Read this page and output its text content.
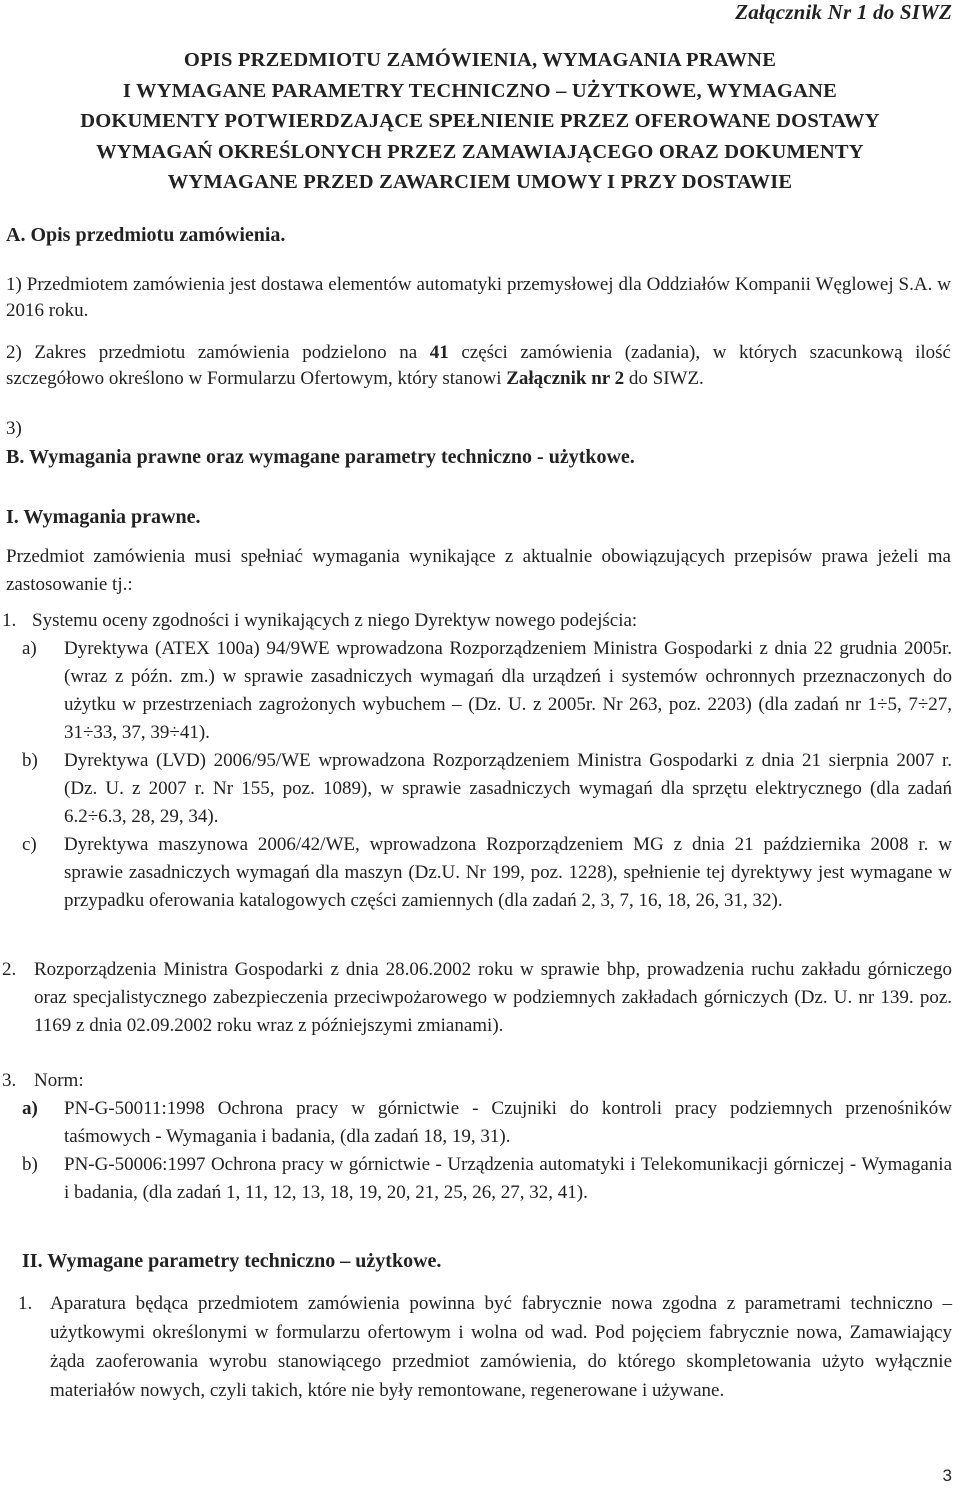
Załącznik Nr 1 do SIWZ
OPIS PRZEDMIOTU ZAMÓWIENIA, WYMAGANIA PRAWNE
I WYMAGANE PARAMETRY TECHNICZNO – UŻYTKOWE, WYMAGANE
DOKUMENTY POTWIERDZAJĄCE SPEŁNIENIE PRZEZ OFEROWANE DOSTAWY
WYMAGAŃ OKREŚLONYCH PRZEZ ZAMAWIAJĄCEGO ORAZ DOKUMENTY
WYMAGANE PRZED ZAWARCIEM UMOWY I PRZY DOSTAWIE
A. Opis przedmiotu zamówienia.
1) Przedmiotem zamówienia jest dostawa elementów automatyki przemysłowej dla Oddziałów Kompanii Węglowej S.A. w 2016 roku.
2) Zakres przedmiotu zamówienia podzielono na 41 części zamówienia (zadania), w których szacunkową ilość szczegółowo określono w Formularzu Ofertowym, który stanowi Załącznik nr 2 do SIWZ.
3)
B. Wymagania prawne oraz wymagane parametry techniczno - użytkowe.
I. Wymagania prawne.
Przedmiot zamówienia musi spełniać wymagania wynikające z aktualnie obowiązujących przepisów prawa jeżeli ma zastosowanie tj.:
1. Systemu oceny zgodności i wynikających z niego Dyrektyw nowego podejścia:
a)	Dyrektywa (ATEX 100a) 94/9WE wprowadzona Rozporządzeniem Ministra Gospodarki z dnia 22 grudnia 2005r. (wraz z późn. zm.) w sprawie zasadniczych wymagań dla urządzeń i systemów ochronnych przeznaczonych do użytku w przestrzeniach zagrożonych wybuchem – (Dz. U. z 2005r. Nr 263, poz. 2203) (dla zadań nr 1÷5, 7÷27, 31÷33, 37, 39÷41).
b)	Dyrektywa (LVD) 2006/95/WE wprowadzona Rozporządzeniem Ministra Gospodarki z dnia 21 sierpnia 2007 r. (Dz. U. z 2007 r. Nr 155, poz. 1089), w sprawie zasadniczych wymagań dla sprzętu elektrycznego (dla zadań 6.2÷6.3, 28, 29, 34).
c)	Dyrektywa maszynowa 2006/42/WE, wprowadzona Rozporządzeniem MG z dnia 21 października 2008 r. w sprawie zasadniczych wymagań dla maszyn (Dz.U. Nr 199, poz. 1228), spełnienie tej dyrektywy jest wymagane w przypadku oferowania katalogowych części zamiennych (dla zadań 2, 3, 7, 16, 18, 26, 31, 32).
2. Rozporządzenia Ministra Gospodarki z dnia 28.06.2002 roku w sprawie bhp, prowadzenia ruchu zakładu górniczego oraz specjalistycznego zabezpieczenia przeciwpożarowego w podziemnych zakładach górniczych (Dz. U. nr 139. poz. 1169 z dnia 02.09.2002 roku wraz z późniejszymi zmianami).
3. Norm:
a)	PN-G-50011:1998 Ochrona pracy w górnictwie - Czujniki do kontroli pracy podziemnych przenośników taśmowych - Wymagania i badania, (dla zadań 18, 19, 31).
b)	PN-G-50006:1997 Ochrona pracy w górnictwie - Urządzenia automatyki i Telekomunikacji górniczej - Wymagania i badania, (dla zadań 1, 11, 12, 13, 18, 19, 20, 21, 25, 26, 27, 32, 41).
II. Wymagane parametry techniczno – użytkowe.
1. Aparatura będąca przedmiotem zamówienia powinna być fabrycznie nowa zgodna z parametrami techniczno – użytkowymi określonymi w formularzu ofertowym i wolna od wad. Pod pojęciem fabrycznie nowa, Zamawiający żąda zaoferowania wyrobu stanowiącego przedmiot zamówienia, do którego skompletowania użyto wyłącznie materiałów nowych, czyli takich, które nie były remontowane, regenerowane i używane.
3
